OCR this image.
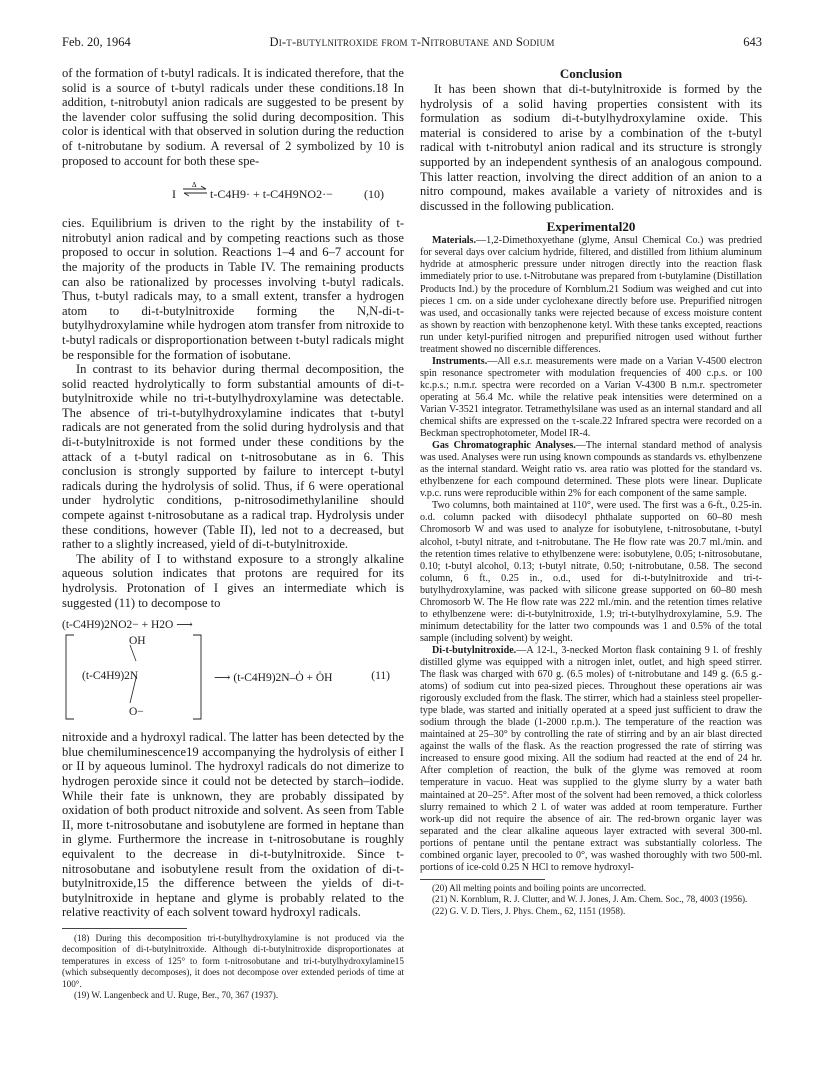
Feb. 20, 1964	Di-t-butylnitroxide from t-Nitrobutane and Sodium	643

of the formation of t-butyl radicals. It is indicated therefore, that the solid is a source of t-butyl radicals under these conditions.18 In addition, t-nitrobutyl anion radicals are suggested to be present by the lavender color suffusing the solid during decomposition. This color is identical with that observed in solution during the reduction of t-nitrobutane by sodium. A reversal of 2 symbolized by 10 is proposed to account for both these spe-

I
Δ
t-C4H9· + t-C4H9NO2·−	(10)

cies. Equilibrium is driven to the right by the instability of t-nitrobutyl anion radical and by competing reactions such as those proposed to occur in solution. Reactions 1–4 and 6–7 account for the majority of the products in Table IV. The remaining products can also be rationalized by processes involving t-butyl radicals. Thus, t-butyl radicals may, to a small extent, transfer a hydrogen atom to di-t-butylnitroxide forming the N,N-di-t-butylhydroxylamine while hydrogen atom transfer from nitroxide to t-butyl radicals or disproportionation between t-butyl radicals might be responsible for the formation of isobutane.

In contrast to its behavior during thermal decomposition, the solid reacted hydrolytically to form substantial amounts of di-t-butylnitroxide while no tri-t-butylhydroxylamine was detectable. The absence of tri-t-butylhydroxylamine indicates that t-butyl radicals are not generated from the solid during hydrolysis and that di-t-butylnitroxide is not formed under these conditions by the attack of a t-butyl radical on t-nitrosobutane as in 6. This conclusion is strongly supported by failure to intercept t-butyl radicals during the hydrolysis of solid. Thus, if 6 were operational under hydrolytic conditions, p-nitrosodimethylaniline should compete against t-nitrosobutane as a radical trap. Hydrolysis under these conditions, however (Table II), led not to a decreased, but rather to a slightly increased, yield of di-t-butylnitroxide.

The ability of I to withstand exposure to a strongly alkaline aqueous solution indicates that protons are required for its hydrolysis. Protonation of I gives an intermediate which is suggested (11) to decompose to

(t-C4H9)2NO2− + H2O ⟶
OH
(t-C4H9)2N
O−
⟶ (t-C4H9)2N–Ȯ + ȮH	(11)

nitroxide and a hydroxyl radical. The latter has been detected by the blue chemiluminescence19 accompanying the hydrolysis of either I or II by aqueous luminol. The hydroxyl radicals do not dimerize to hydrogen peroxide since it could not be detected by starch–iodide. While their fate is unknown, they are probably dissipated by oxidation of both product nitroxide and solvent. As seen from Table II, more t-nitrosobutane and isobutylene are formed in heptane than in glyme. Furthermore the increase in t-nitrosobutane is roughly equivalent to the decrease in di-t-butylnitroxide. Since t-nitrosobutane and isobutylene result from the oxidation of di-t-butylnitroxide,15 the difference between the yields of di-t-butylnitroxide in heptane and glyme is probably related to the relative reactivity of each solvent toward hydroxyl radicals.

(18) During this decomposition tri-t-butylhydroxylamine is not produced via the decomposition of di-t-butylnitroxide. Although di-t-butylnitroxide disproportionates at temperatures in excess of 125° to form t-nitrosobutane and tri-t-butylhydroxylamine15 (which subsequently decomposes), it does not decompose over extended periods of time at 100°.

(19) W. Langenbeck and U. Ruge, Ber., 70, 367 (1937).

Conclusion

It has been shown that di-t-butylnitroxide is formed by the hydrolysis of a solid having properties consistent with its formulation as sodium di-t-butylhydroxylamine oxide. This material is considered to arise by a combination of the t-butyl radical with t-nitrobutyl anion radical and its structure is strongly supported by an independent synthesis of an analogous compound. This latter reaction, involving the direct addition of an anion to a nitro compound, makes available a variety of nitroxides and is discussed in the following publication.

Experimental20

Materials.—1,2-Dimethoxyethane (glyme, Ansul Chemical Co.) was predried for several days over calcium hydride, filtered, and distilled from lithium aluminum hydride at atmospheric pressure under nitrogen directly into the reaction flask immediately prior to use. t-Nitrobutane was prepared from t-butylamine (Distillation Products Ind.) by the procedure of Kornblum.21 Sodium was weighed and cut into pieces 1 cm. on a side under cyclohexane directly before use. Prepurified nitrogen was used, and occasionally tanks were rejected because of excess moisture content as shown by reaction with benzophenone ketyl. With these tanks excepted, reactions run under ketyl-purified nitrogen and prepurified nitrogen used without further treatment showed no discernible differences.

Instruments.—All e.s.r. measurements were made on a Varian V-4500 electron spin resonance spectrometer with modulation frequencies of 400 c.p.s. or 100 kc.p.s.; n.m.r. spectra were recorded on a Varian V-4300 B n.m.r. spectrometer operating at 56.4 Mc. while the relative peak intensities were determined on a Varian V-3521 integrator. Tetramethylsilane was used as an internal standard and all chemical shifts are expressed on the τ-scale.22 Infrared spectra were recorded on a Beckman spectrophotometer, Model IR-4.

Gas Chromatographic Analyses.—The internal standard method of analysis was used. Analyses were run using known compounds as standards vs. ethylbenzene as the internal standard. Weight ratio vs. area ratio was plotted for the standard vs. ethylbenzene for each compound determined. These plots were linear. Duplicate v.p.c. runs were reproducible within 2% for each component of the same sample.

Two columns, both maintained at 110°, were used. The first was a 6-ft., 0.25-in. o.d. column packed with diisodecyl phthalate supported on 60–80 mesh Chromosorb W and was used to analyze for isobutylene, t-nitrosobutane, t-butyl alcohol, t-butyl nitrate, and t-nitrobutane. The He flow rate was 20.7 ml./min. and the retention times relative to ethylbenzene were: isobutylene, 0.05; t-nitrosobutane, 0.10; t-butyl alcohol, 0.13; t-butyl nitrate, 0.50; t-nitrobutane, 0.58. The second column, 6 ft., 0.25 in., o.d., used for di-t-butylnitroxide and tri-t-butylhydroxylamine, was packed with silicone grease supported on 60–80 mesh Chromosorb W. The He flow rate was 222 ml./min. and the retention times relative to ethylbenzene were: di-t-butylnitroxide, 1.9; tri-t-butylhydroxylamine, 5.9. The minimum detectability for the latter two compounds was 1 and 0.5% of the total sample (including solvent) by weight.

Di-t-butylnitroxide.—A 12-l., 3-necked Morton flask containing 9 l. of freshly distilled glyme was equipped with a nitrogen inlet, outlet, and high speed stirrer. The flask was charged with 670 g. (6.5 moles) of t-nitrobutane and 149 g. (6.5 g.-atoms) of sodium cut into pea-sized pieces. Throughout these operations air was rigorously excluded from the flask. The stirrer, which had a stainless steel propeller-type blade, was started and initially operated at a speed just sufficient to draw the sodium through the blade (1-2000 r.p.m.). The temperature of the reaction was maintained at 25–30° by controlling the rate of stirring and by an air blast directed against the walls of the flask. As the reaction progressed the rate of stirring was increased to ensure good mixing. All the sodium had reacted at the end of 24 hr. After completion of reaction, the bulk of the glyme was removed at room temperature in vacuo. Heat was supplied to the glyme slurry by a water bath maintained at 20–25°. After most of the solvent had been removed, a thick colorless slurry remained to which 2 l. of water was added at room temperature. Further work-up did not require the absence of air. The red-brown organic layer was separated and the clear alkaline aqueous layer extracted with several 300-ml. portions of pentane until the pentane extract was substantially colorless. The combined organic layer, precooled to 0°, was washed thoroughly with two 500-ml. portions of ice-cold 0.25 N HCl to remove hydroxyl-

(20) All melting points and boiling points are uncorrected.

(21) N. Kornblum, R. J. Clutter, and W. J. Jones, J. Am. Chem. Soc., 78, 4003 (1956).

(22) G. V. D. Tiers, J. Phys. Chem., 62, 1151 (1958).
